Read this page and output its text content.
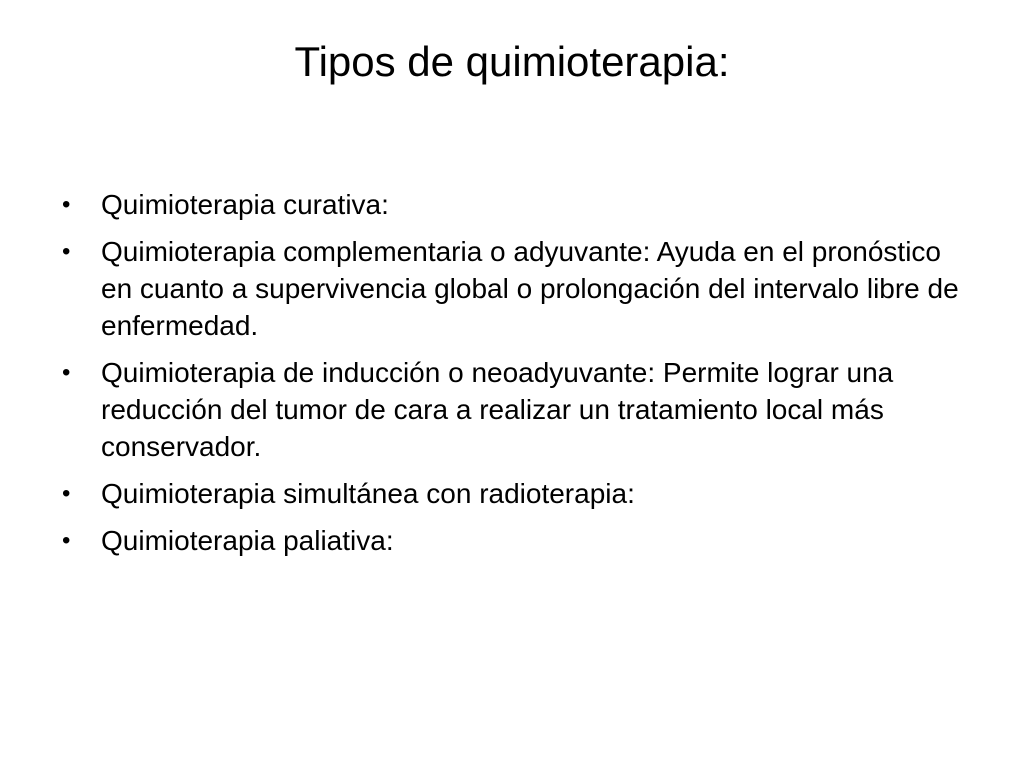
Tipos de quimioterapia:
• Quimioterapia curativa:
• Quimioterapia complementaria o adyuvante: Ayuda en el pronóstico en cuanto a supervivencia global o prolongación del intervalo libre de enfermedad.
• Quimioterapia de inducción o neoadyuvante: Permite lograr una reducción del tumor de cara a realizar un tratamiento local más conservador.
• Quimioterapia simultánea con radioterapia:
• Quimioterapia paliativa:
